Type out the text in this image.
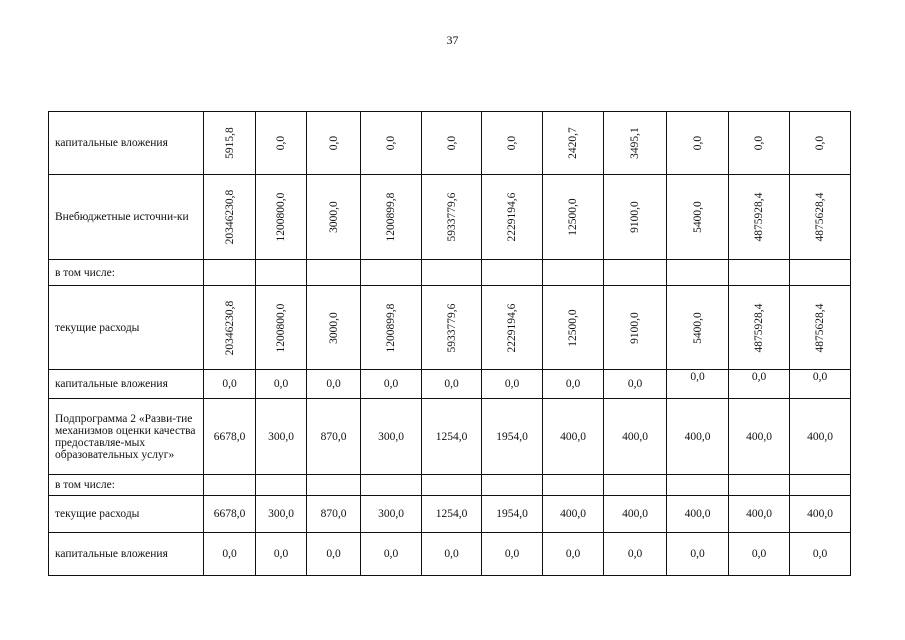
37
капитальные вложения	5915,8	0,0	0,0	0,0	0,0	0,0	2420,7	3495,1	0,0	0,0	0,0

Внебюджетные источни-ки	20346230,8	1200800,0	3000,0	1200899,8	5933779,6	2229194,6	12500,0	9100,0	5400,0	4875928,4	4875628,4

в том числе:											
текущие расходы	20346230,8	1200800,0	3000,0	1200899,8	5933779,6	2229194,6	12500,0	9100,0	5400,0	4875928,4	4875628,4

капитальные вложения	0,0	0,0	0,0	0,0	0,0	0,0	0,0	0,0	0,0	0,0	0,0
Подпрограмма 2 «Разви-тие механизмов оценки качества предоставляе-мых образовательных услуг»	6678,0	300,0	870,0	300,0	1254,0	1954,0	400,0	400,0	400,0	400,0	400,0
в том числе:											
текущие расходы	6678,0	300,0	870,0	300,0	1254,0	1954,0	400,0	400,0	400,0	400,0	400,0
капитальные вложения	0,0	0,0	0,0	0,0	0,0	0,0	0,0	0,0	0,0	0,0	0,0
